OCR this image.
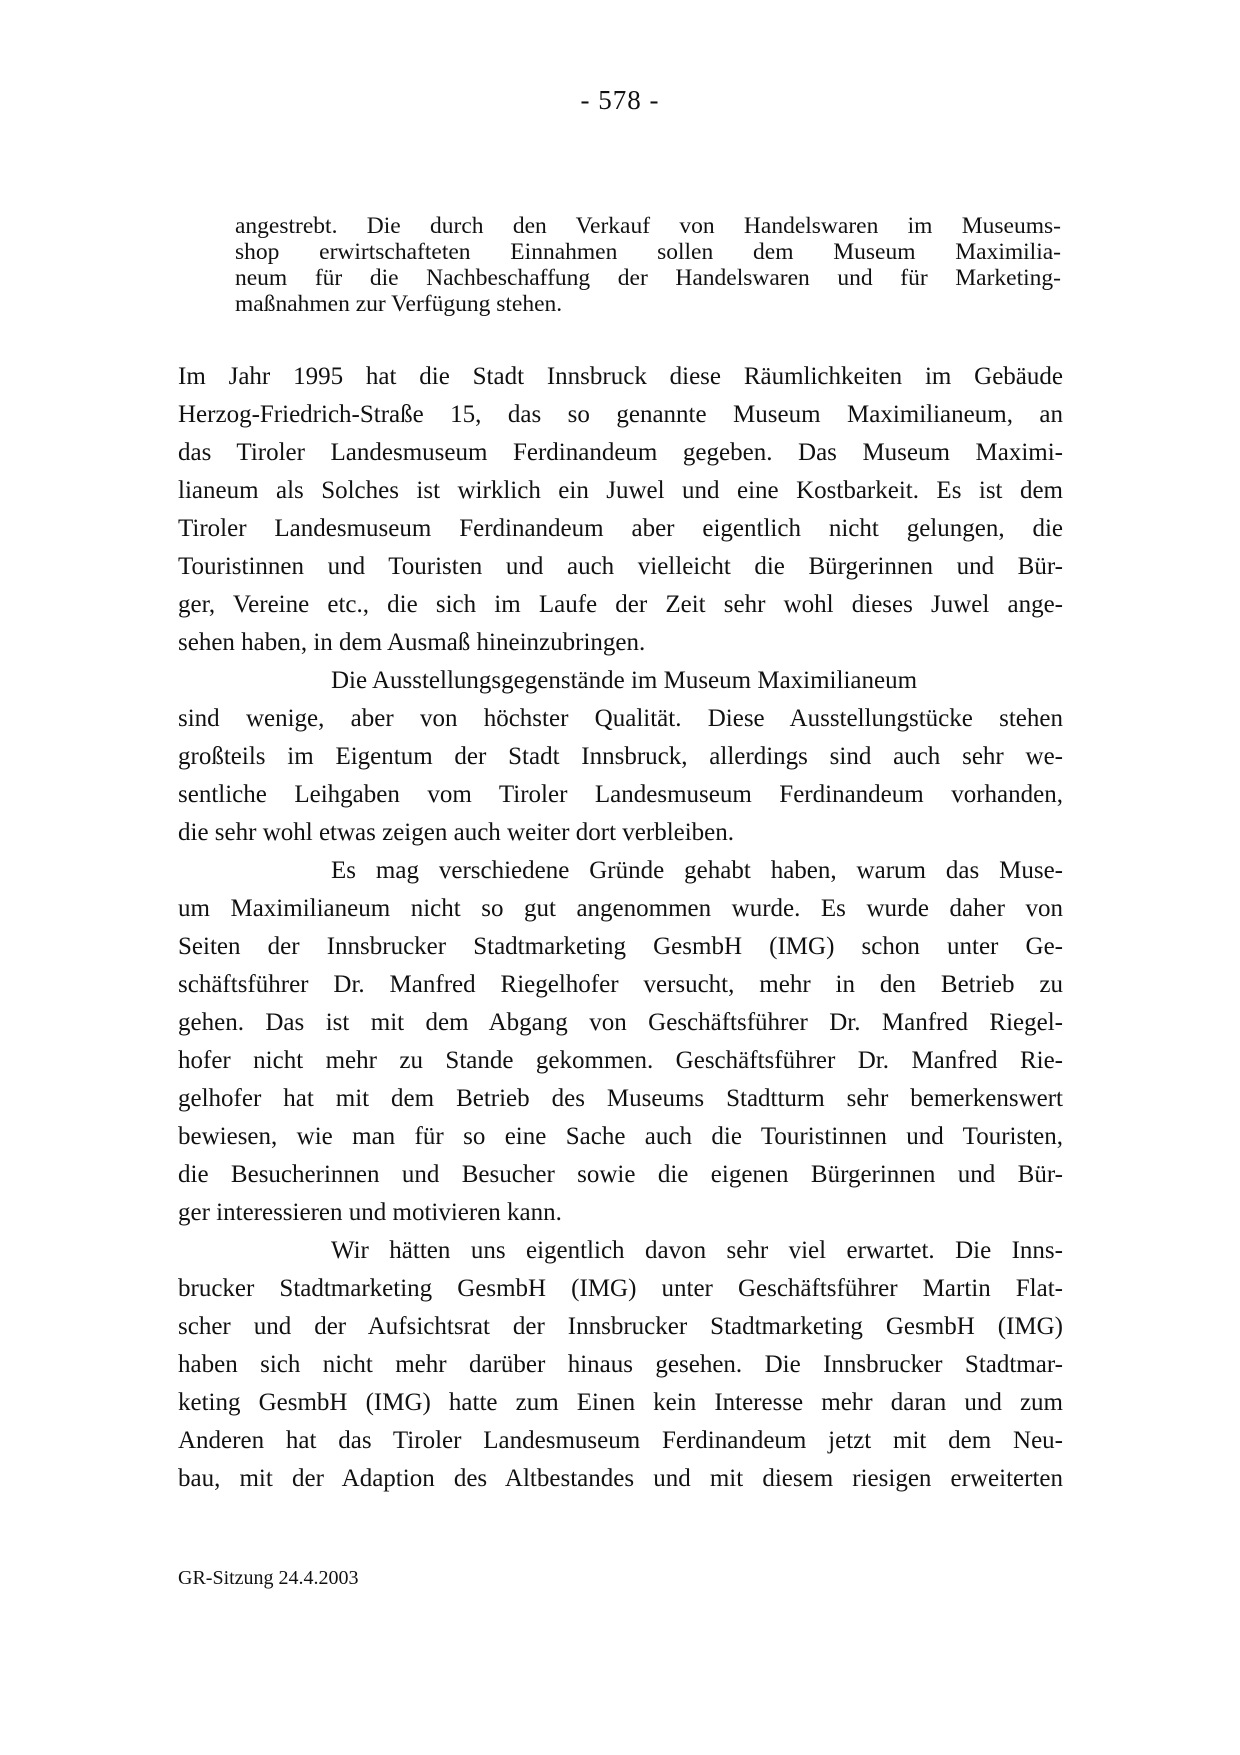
- 578 -
angestrebt. Die durch den Verkauf von Handelswaren im Museums-
shop erwirtschafteten Einnahmen sollen dem Museum Maximilia-
neum für die Nachbeschaffung der Handelswaren und für Marketing-
maßnahmen zur Verfügung stehen.
Im Jahr 1995 hat die Stadt Innsbruck diese Räumlichkeiten im Gebäude
Herzog-Friedrich-Straße 15, das so genannte Museum Maximilianeum, an
das Tiroler Landesmuseum Ferdinandeum gegeben. Das Museum Maximi-
lianeum als Solches ist wirklich ein Juwel und eine Kostbarkeit. Es ist dem
Tiroler Landesmuseum Ferdinandeum aber eigentlich nicht gelungen, die
Touristinnen und Touristen und auch vielleicht die Bürgerinnen und Bür-
ger, Vereine etc., die sich im Laufe der Zeit sehr wohl dieses Juwel ange-
sehen haben, in dem Ausmaß hineinzubringen.
Die Ausstellungsgegenstände im Museum Maximilianeum
sind wenige, aber von höchster Qualität. Diese Ausstellungstücke stehen
großteils im Eigentum der Stadt Innsbruck, allerdings sind auch sehr we-
sentliche Leihgaben vom Tiroler Landesmuseum Ferdinandeum vorhanden,
die sehr wohl etwas zeigen auch weiter dort verbleiben.
Es mag verschiedene Gründe gehabt haben, warum das Muse-
um Maximilianeum nicht so gut angenommen wurde. Es wurde daher von
Seiten der Innsbrucker Stadtmarketing GesmbH (IMG) schon unter Ge-
schäftsführer Dr. Manfred Riegelhofer versucht, mehr in den Betrieb zu
gehen. Das ist mit dem Abgang von Geschäftsführer Dr. Manfred Riegel-
hofer nicht mehr zu Stande gekommen. Geschäftsführer Dr. Manfred Rie-
gelhofer hat mit dem Betrieb des Museums Stadtturm sehr bemerkenswert
bewiesen, wie man für so eine Sache auch die Touristinnen und Touristen,
die Besucherinnen und Besucher sowie die eigenen Bürgerinnen und Bür-
ger interessieren und motivieren kann.
Wir hätten uns eigentlich davon sehr viel erwartet. Die Inns-
brucker Stadtmarketing GesmbH (IMG) unter Geschäftsführer Martin Flat-
scher und der Aufsichtsrat der Innsbrucker Stadtmarketing GesmbH (IMG)
haben sich nicht mehr darüber hinaus gesehen. Die Innsbrucker Stadtmar-
keting GesmbH (IMG) hatte zum Einen kein Interesse mehr daran und zum
Anderen hat das Tiroler Landesmuseum Ferdinandeum jetzt mit dem Neu-
bau, mit der Adaption des Altbestandes und mit diesem riesigen erweiterten
GR-Sitzung 24.4.2003
